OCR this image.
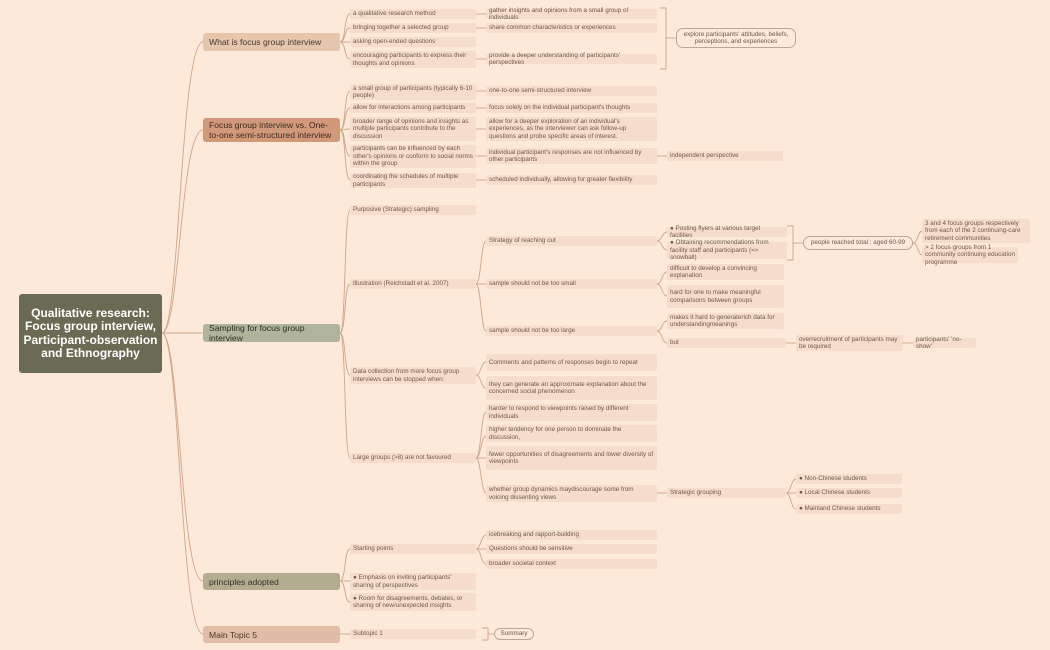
Qualitative research: Focus group interview, Participant-observation and Ethnography
What is focus group interview
a qualitative research method
bringing together a selected group
asking open-ended questions
encouraging participants to express their thoughts and opinions
gather insights and opinions from a small group of individuals
share common characteristics or experiences
provide a deeper understanding of participants' perspectives
explore participants' attitudes, beliefs, perceptions, and experiences
Focus group interview vs. One-to-one semi-structured interview
a small group of participants (typically 6-10 people)
allow for interactions among participants
broader range of opinions and insights as multiple participants contribute to the discussion
participants can be influenced by each other's opinions or conform to social norms within the group
coordinating the schedules of multiple participants
one-to-one semi-structured interview
focus solely on the individual participant's thoughts
allow for a deeper exploration of an individual's experiences, as the interviewer can ask follow-up questions and probe specific areas of interest.
individual participant's responses are not influenced by other participants
independent perspective
scheduled individually, allowing for greater flexibility
Sampling for focus group interview
Purposive (Strategic) sampling
Illustration (Reichstadt et al. 2007)
Strategy of reaching out
● Posting flyers at various target facilities
● Obtaining recommendations from facility staff and participants (=> snowball)
people reached total : aged 60-99
3 and 4 focus groups respectively from each of the 2 continuing-care retirement communities
> 2 focus groups from 1 community continuing education programme
sample should not be too small
difficult to develop a convincing explanation
hard for one to make meaningful comparisons between groups
sample should not be too large
makes it hard to generaterich data for understandingmeanings
but
overrecruitment of participants may be required
participants' 'no-show'
Data collection from more focus group interviews can be stopped when:
Comments and patterns of responses begin to repeat
they can generate an approximate explanation about the concerned social phenomenon
Large groups (>8) are not favoured
harder to respond to viewpoints raised by different individuals
higher tendency for one person to dominate the discussion,
fewer opportunities of disagreements and lower diversity of viewpoints
whether group dynamics maydiscourage some from voicing dissenting views
Strategic grouping
● Non-Chinese students
● Local Chinese students
● Mainland Chinese students
principles adopted
Starting points
icebreaking and rapport-building
Questions should be sensitive
broader societal context
● Emphasis on inviting participants' sharing of perspectives
● Room for disagreements, debates, or sharing of new/unexpected insights
Main Topic 5	Subtopic 1	Summary
